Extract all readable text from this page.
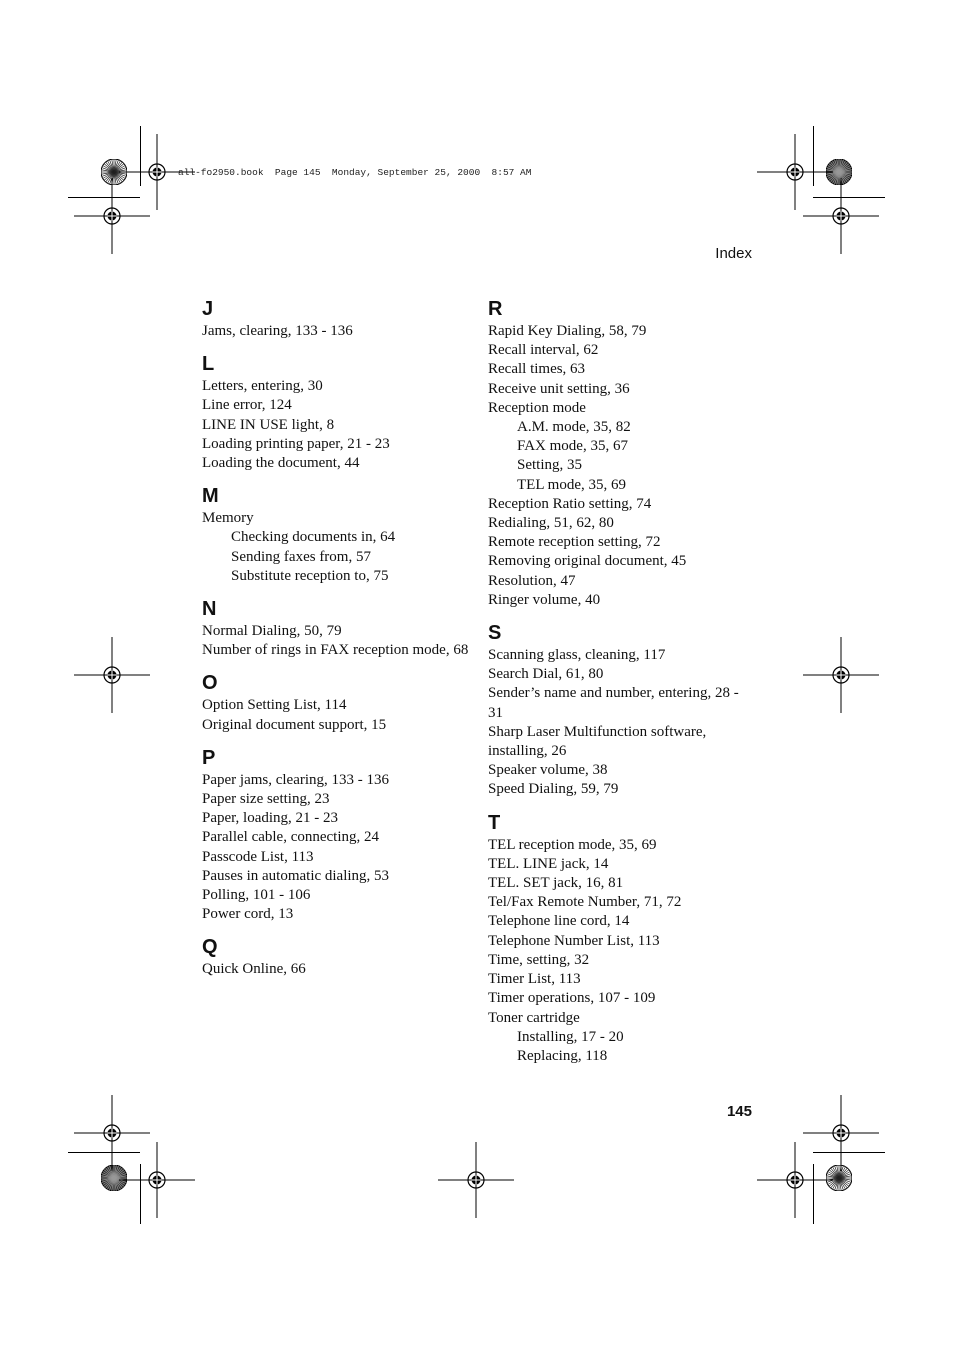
all-fo2950.book  Page 145  Monday, September 25, 2000  8:57 AM
Index
J
Jams, clearing, 133 - 136
L
Letters, entering, 30
Line error, 124
LINE IN USE light, 8
Loading printing paper, 21 - 23
Loading the document, 44
M
Memory
Checking documents in, 64
Sending faxes from, 57
Substitute reception to, 75
N
Normal Dialing, 50, 79
Number of rings in FAX reception mode, 68
O
Option Setting List, 114
Original document support, 15
P
Paper jams, clearing, 133 - 136
Paper size setting, 23
Paper, loading, 21 - 23
Parallel cable, connecting, 24
Passcode List, 113
Pauses in automatic dialing, 53
Polling, 101 - 106
Power cord, 13
Q
Quick Online, 66
R
Rapid Key Dialing, 58, 79
Recall interval, 62
Recall times, 63
Receive unit setting, 36
Reception mode
A.M. mode, 35, 82
FAX mode, 35, 67
Setting, 35
TEL mode, 35, 69
Reception Ratio setting, 74
Redialing, 51, 62, 80
Remote reception setting, 72
Removing original document, 45
Resolution, 47
Ringer volume, 40
S
Scanning glass, cleaning, 117
Search Dial, 61, 80
Sender’s name and number, entering, 28 - 31
Sharp Laser Multifunction software, installing, 26
Speaker volume, 38
Speed Dialing, 59, 79
T
TEL reception mode, 35, 69
TEL. LINE jack, 14
TEL. SET jack, 16, 81
Tel/Fax Remote Number, 71, 72
Telephone line cord, 14
Telephone Number List, 113
Time, setting, 32
Timer List, 113
Timer operations, 107 - 109
Toner cartridge
Installing, 17 - 20
Replacing, 118
145
